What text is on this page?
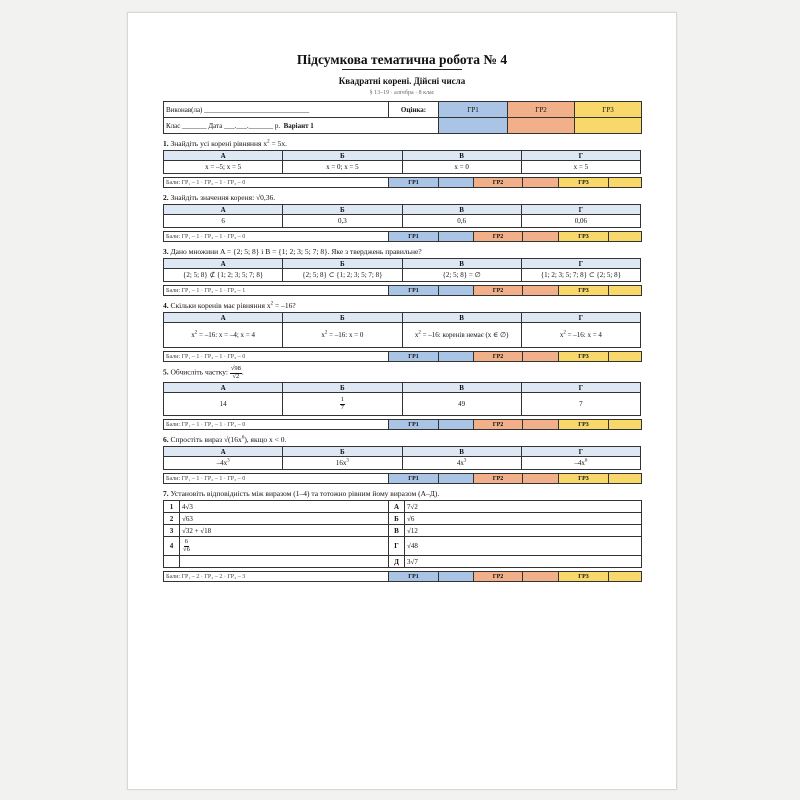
Підсумкова тематична робота № 4
Квадратні корені. Дійсні числа
§ 13–19 · алгебра · 8 клас
Виконав(ла) ______________________________	Оцінка:	ГР1	ГР2	ГР3
Клас _______ Дата ___.___._______ р. Варіант 1				
1. Знайдіть усі корені рівняння $x^2 = 5x$.
А	Б	В	Г
x = –5; x = 5	x = 0; x = 5	x = 0	x = 5
Бали: ГР₁ – 1 · ГР₂ – 1 · ГР₃ – 0	ГР1		ГР2		ГР3	
2. Знайдіть значення кореня: √0,36.
А	Б	В	Г
6	0,3	0,6	0,06
Бали: ГР₁ – 1 · ГР₂ – 1 · ГР₃ – 0	ГР1		ГР2		ГР3	
3. Дано множини A = {2; 5; 8} і B = {1; 2; 3; 5; 7; 8}. Яке з тверджень правильне?
А	Б	В	Г
{2; 5; 8} ⊄ {1; 2; 3; 5; 7; 8}	{2; 5; 8} ⊂ {1; 2; 3; 5; 7; 8}	{2; 5; 8} = ∅	{1; 2; 3; 5; 7; 8} ⊂ {2; 5; 8}
Бали: ГР₁ – 1 · ГР₂ – 1 · ГР₃ – 1	ГР1		ГР2		ГР3	
4. Скільки коренів має рівняння $x^2 = -16$?
А	Б	В	Г
$x^2 = -16$: x = –4; x = 4	$x^2 = -16$: x = 0	$x^2 = -16$: коренів немає (x ∈ ∅)	$x^2 = -16$: x = 4
Бали: ГР₁ – 1 · ГР₂ – 1 · ГР₃ – 0	ГР1		ГР2		ГР3	
5. Обчисліть частку: $\frac{√98}{√2}$ .
А	Б	В	Г
14	$\frac{1}{7}$	49	7
Бали: ГР₁ – 1 · ГР₂ – 1 · ГР₃ – 0	ГР1		ГР2		ГР3	
6. Спростіть вираз $√(16x^6)$, якщо x < 0.
А	Б	В	Г
$-4x^3$	$16x^3$	$4x^3$	$-4x^6$
Бали: ГР₁ – 1 · ГР₂ – 1 · ГР₃ – 0	ГР1		ГР2		ГР3	
7. Установіть відповідність між виразом (1–4) та тотожно рівним йому виразом (А–Д).
1	4√3	А	7√2
2	√63	Б	√6
3	√32 + √18	В	√12
4	$\frac{6}{√6}$	Г	√48
		Д	3√7
Бали: ГР₁ – 2 · ГР₂ – 2 · ГР₃ – 3	ГР1		ГР2		ГР3	
